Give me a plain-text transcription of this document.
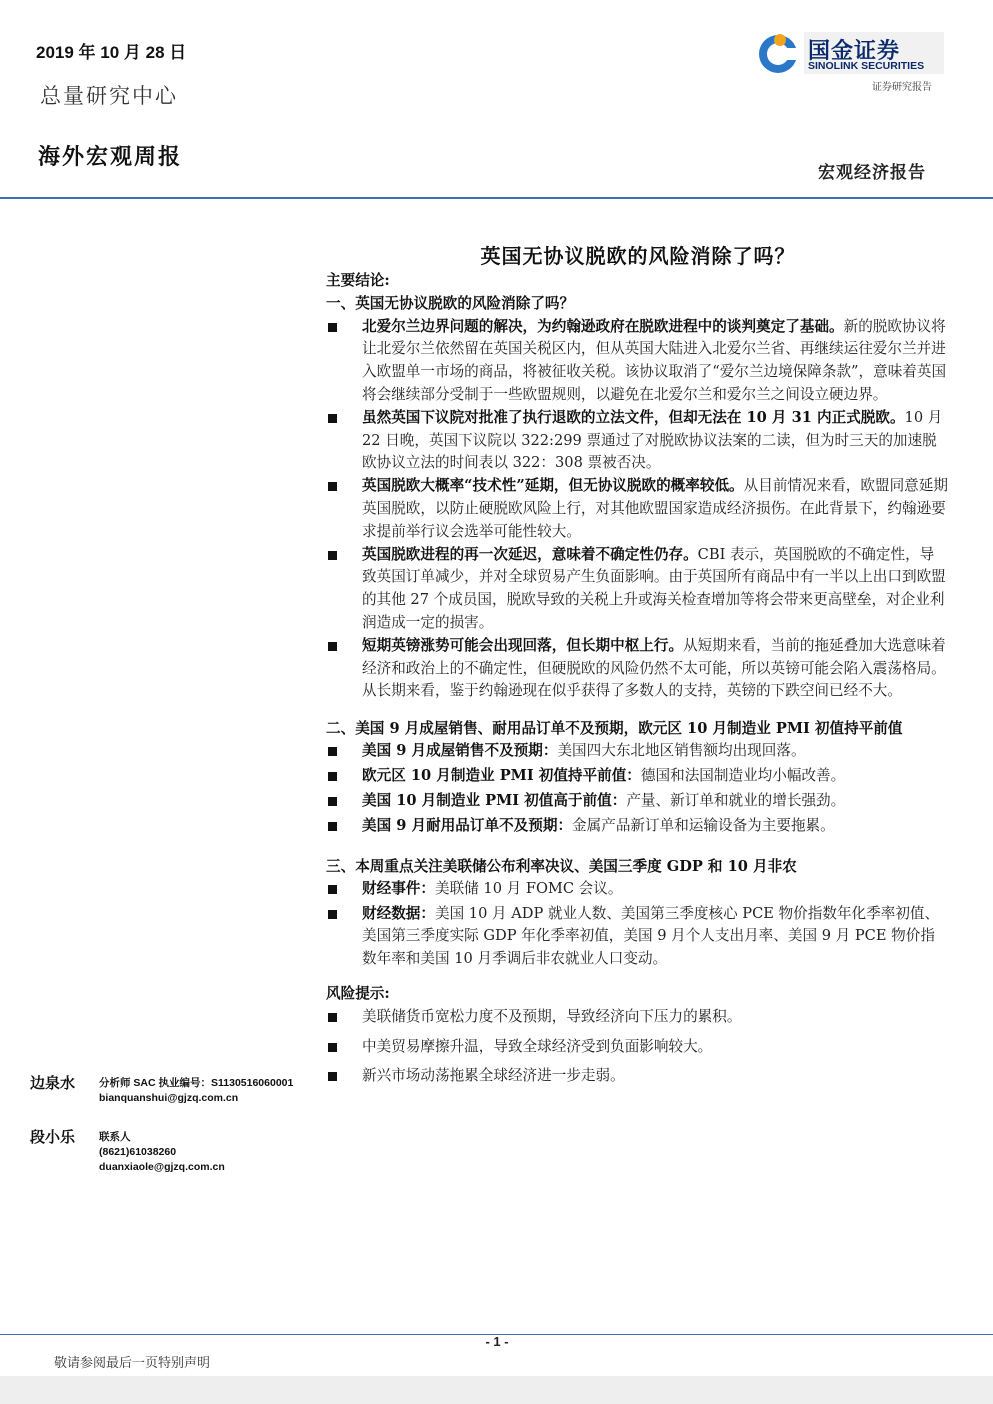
2019 年 10 月 28 日
总量研究中心
海外宏观周报
国金证券
SINOLINK SECURITIES
证券研究报告
宏观经济报告
英国无协议脱欧的风险消除了吗？
主要结论:
一、英国无协议脱欧的风险消除了吗？
北爱尔兰边界问题的解决，为约翰逊政府在脱欧进程中的谈判奠定了基础。新的脱欧协议将让北爱尔兰依然留在英国关税区内，但从英国大陆进入北爱尔兰省、再继续运往爱尔兰并进入欧盟单一市场的商品，将被征收关税。该协议取消了“爱尔兰边境保障条款”，意味着英国将会继续部分受制于一些欧盟规则，以避免在北爱尔兰和爱尔兰之间设立硬边界。
虽然英国下议院对批准了执行退欧的立法文件，但却无法在 10 月 31 内正式脱欧。10 月 22 日晚，英国下议院以 322:299 票通过了对脱欧协议法案的二读，但为时三天的加速脱欧协议立法的时间表以 322：308 票被否决。
英国脱欧大概率“技术性”延期，但无协议脱欧的概率较低。从目前情况来看，欧盟同意延期英国脱欧，以防止硬脱欧风险上行，对其他欧盟国家造成经济损伤。在此背景下，约翰逊要求提前举行议会选举可能性较大。
英国脱欧进程的再一次延迟，意味着不确定性仍存。CBI 表示，英国脱欧的不确定性，导致英国订单减少，并对全球贸易产生负面影响。由于英国所有商品中有一半以上出口到欧盟的其他 27 个成员国，脱欧导致的关税上升或海关检查增加等将会带来更高壁垒，对企业利润造成一定的损害。
短期英镑涨势可能会出现回落，但长期中枢上行。从短期来看，当前的拖延叠加大选意味着经济和政治上的不确定性，但硬脱欧的风险仍然不太可能，所以英镑可能会陷入震荡格局。从长期来看，鉴于约翰逊现在似乎获得了多数人的支持，英镑的下跌空间已经不大。
二、美国 9 月成屋销售、耐用品订单不及预期，欧元区 10 月制造业 PMI 初值持平前值
美国 9 月成屋销售不及预期：美国四大东北地区销售额均出现回落。
欧元区 10 月制造业 PMI 初值持平前值：德国和法国制造业均小幅改善。
美国 10 月制造业 PMI 初值高于前值：产量、新订单和就业的增长强劲。
美国 9 月耐用品订单不及预期：金属产品新订单和运输设备为主要拖累。
三、本周重点关注美联储公布利率决议、美国三季度 GDP 和 10 月非农
财经事件：美联储 10 月 FOMC 会议。
财经数据：美国 10 月 ADP 就业人数、美国第三季度核心 PCE 物价指数年化季率初值、美国第三季度实际 GDP 年化季率初值，美国 9 月个人支出月率、美国 9 月 PCE 物价指数年率和美国 10 月季调后非农就业人口变动。
风险提示:
美联储货币宽松力度不及预期，导致经济向下压力的累积。
中美贸易摩擦升温，导致全球经济受到负面影响较大。
新兴市场动荡拖累全球经济进一步走弱。
边泉水 分析师 SAC 执业编号：S1130516060001
bianquanshui@gjzq.com.cn
段小乐 联系人
(8621)61038260
duanxiaole@gjzq.com.cn
- 1 -
敬请参阅最后一页特别声明
